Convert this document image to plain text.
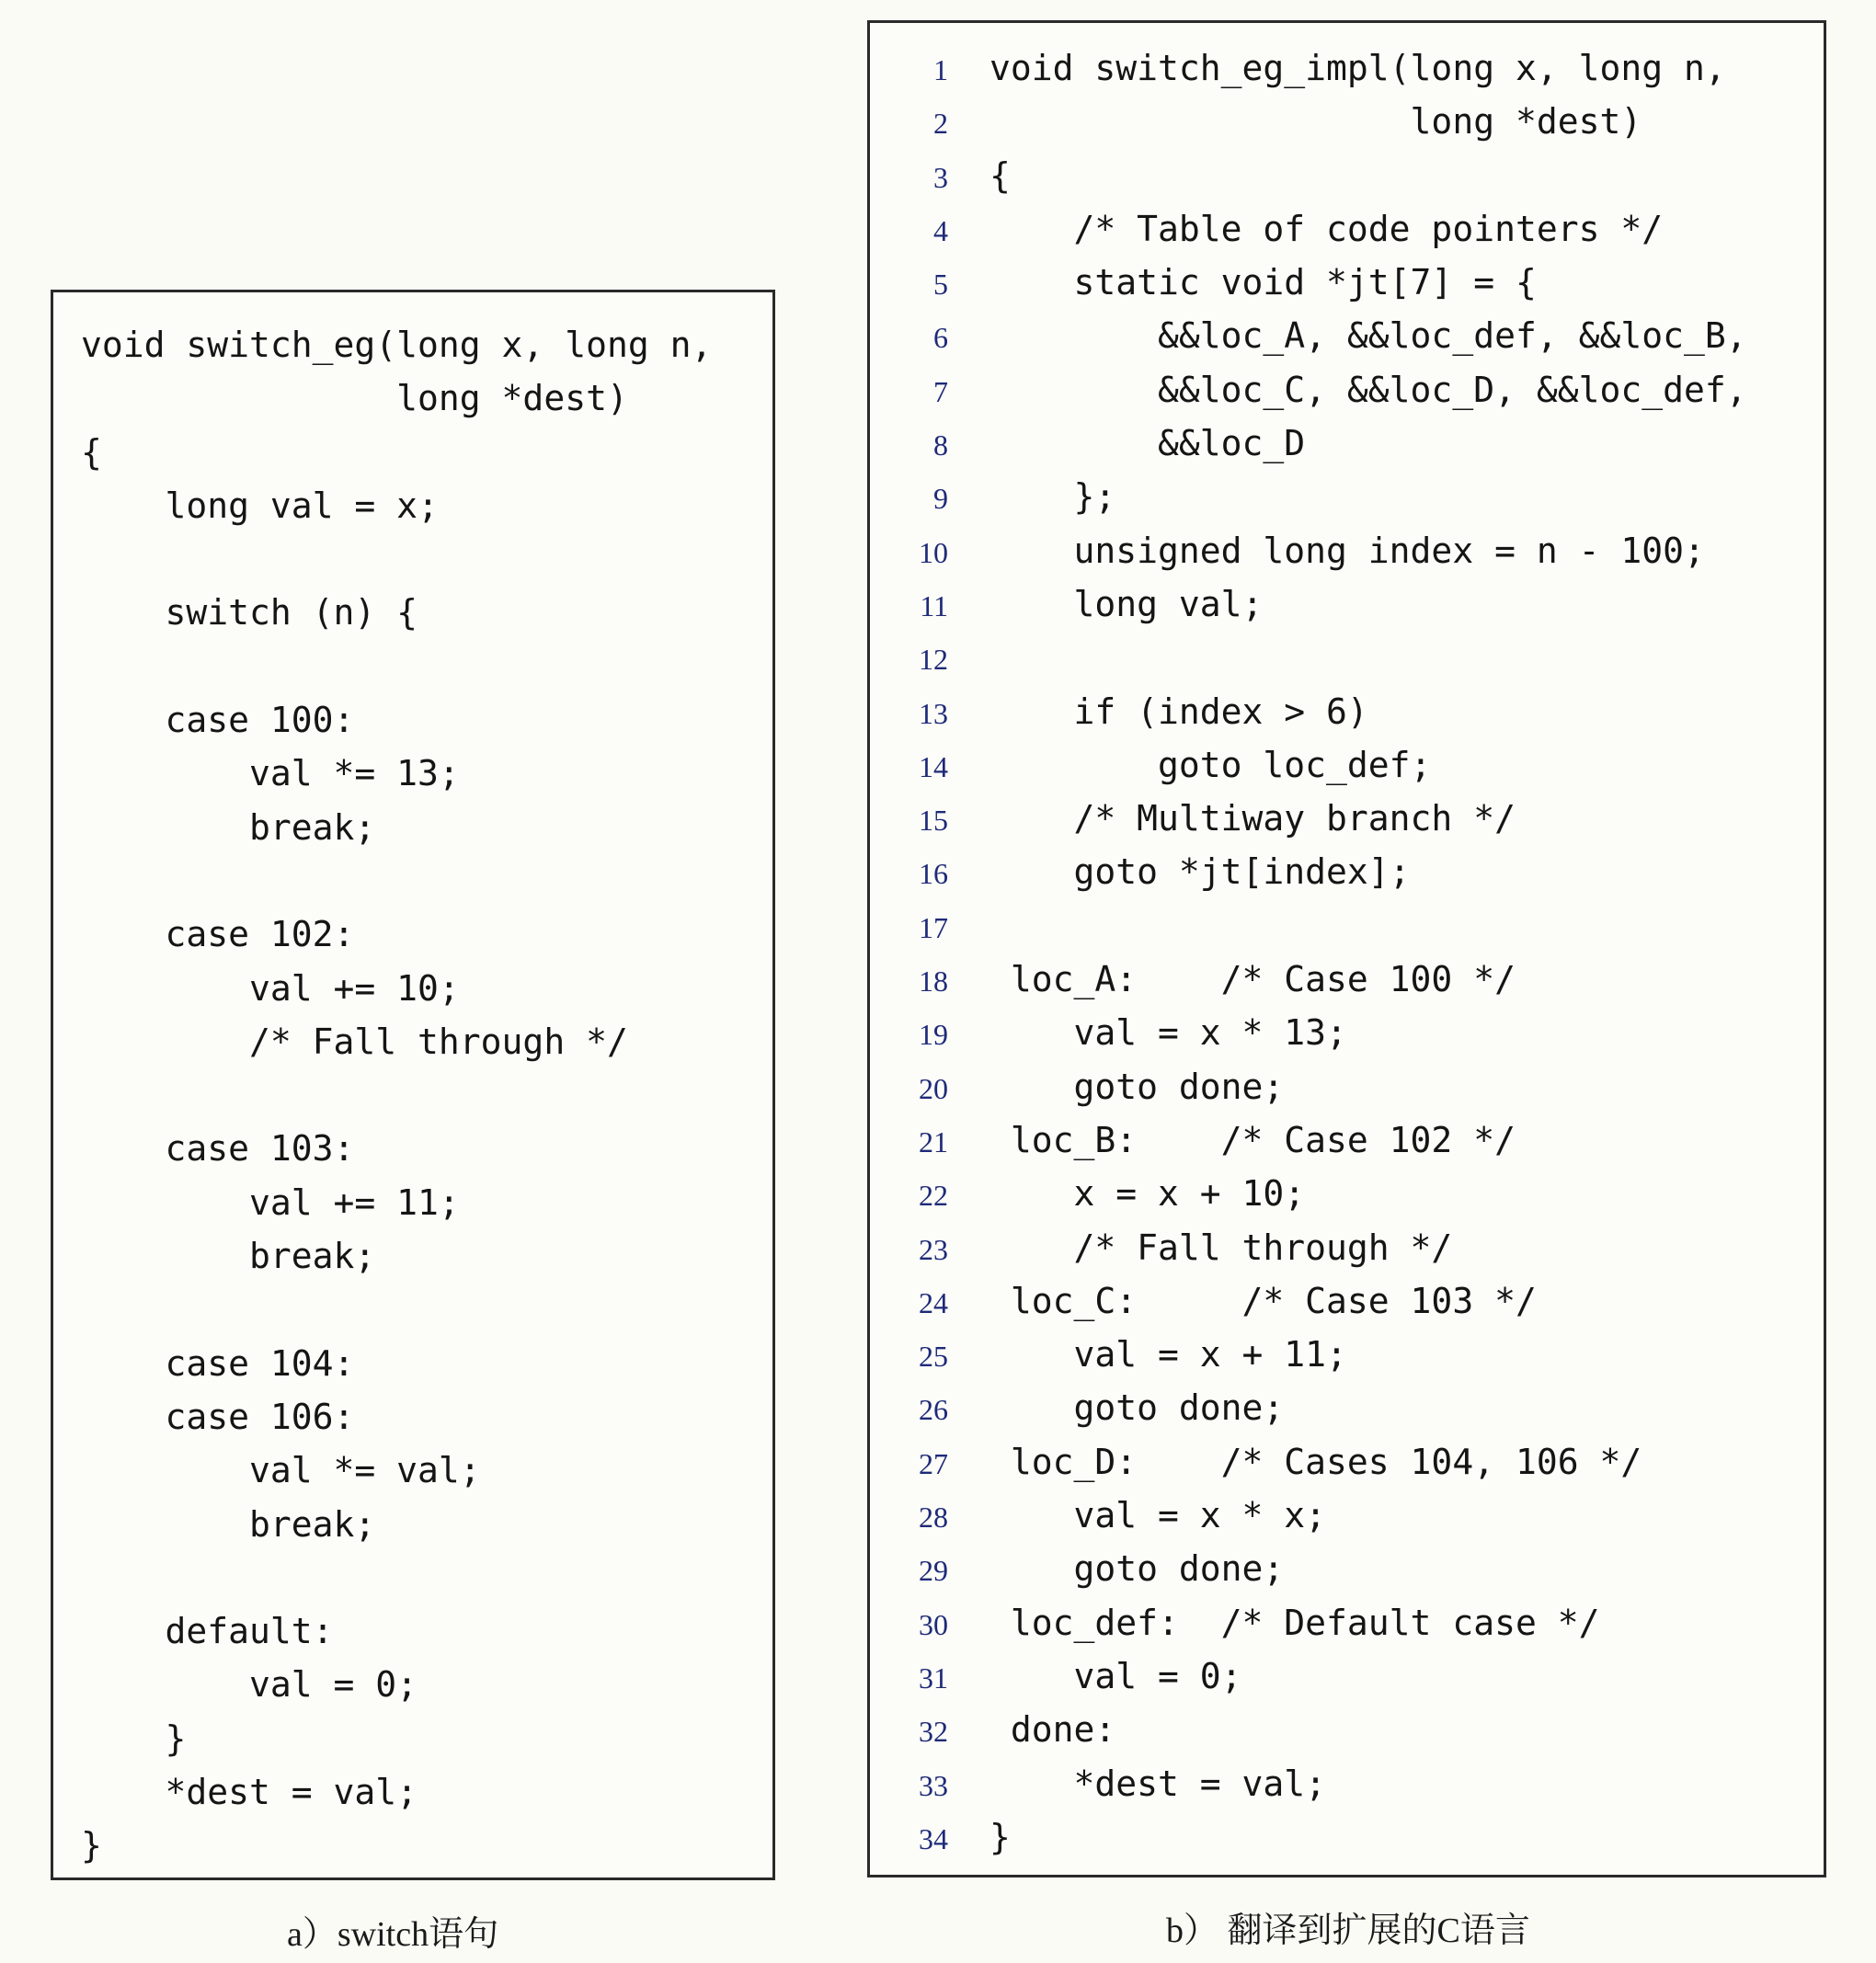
void switch_eg(long x, long n,
long *dest)
{
long val = x;
switch (n) {
case 100:
val *= 13;
break;
case 102:
val += 10;
/* Fall through */
case 103:
val += 11;
break;
case 104:
case 106:
val *= val;
break;
default:
val = 0;
}
*dest = val;
}
a）switch语句
1 void switch_eg_impl(long x, long n,
2                    long *dest)
3 {
4    /* Table of code pointers */
5    static void *jt[7] = {
6        &&loc_A, &&loc_def, &&loc_B,
7        &&loc_C, &&loc_D, &&loc_def,
8        &&loc_D
9    };
10    unsigned long index = n - 100;
11    long val;
12
13    if (index > 6)
14        goto loc_def;
15    /* Multiway branch */
16    goto *jt[index];
17
18 loc_A:    /* Case 100 */
19    val = x * 13;
20    goto done;
21 loc_B:    /* Case 102 */
22    x = x + 10;
23    /* Fall through */
24 loc_C:     /* Case 103 */
25    val = x + 11;
26    goto done;
27 loc_D:    /* Cases 104, 106 */
28    val = x * x;
29    goto done;
30 loc_def:  /* Default case */
31    val = 0;
32 done:
33    *dest = val;
34 }
b） 翻译到扩展的C语言
